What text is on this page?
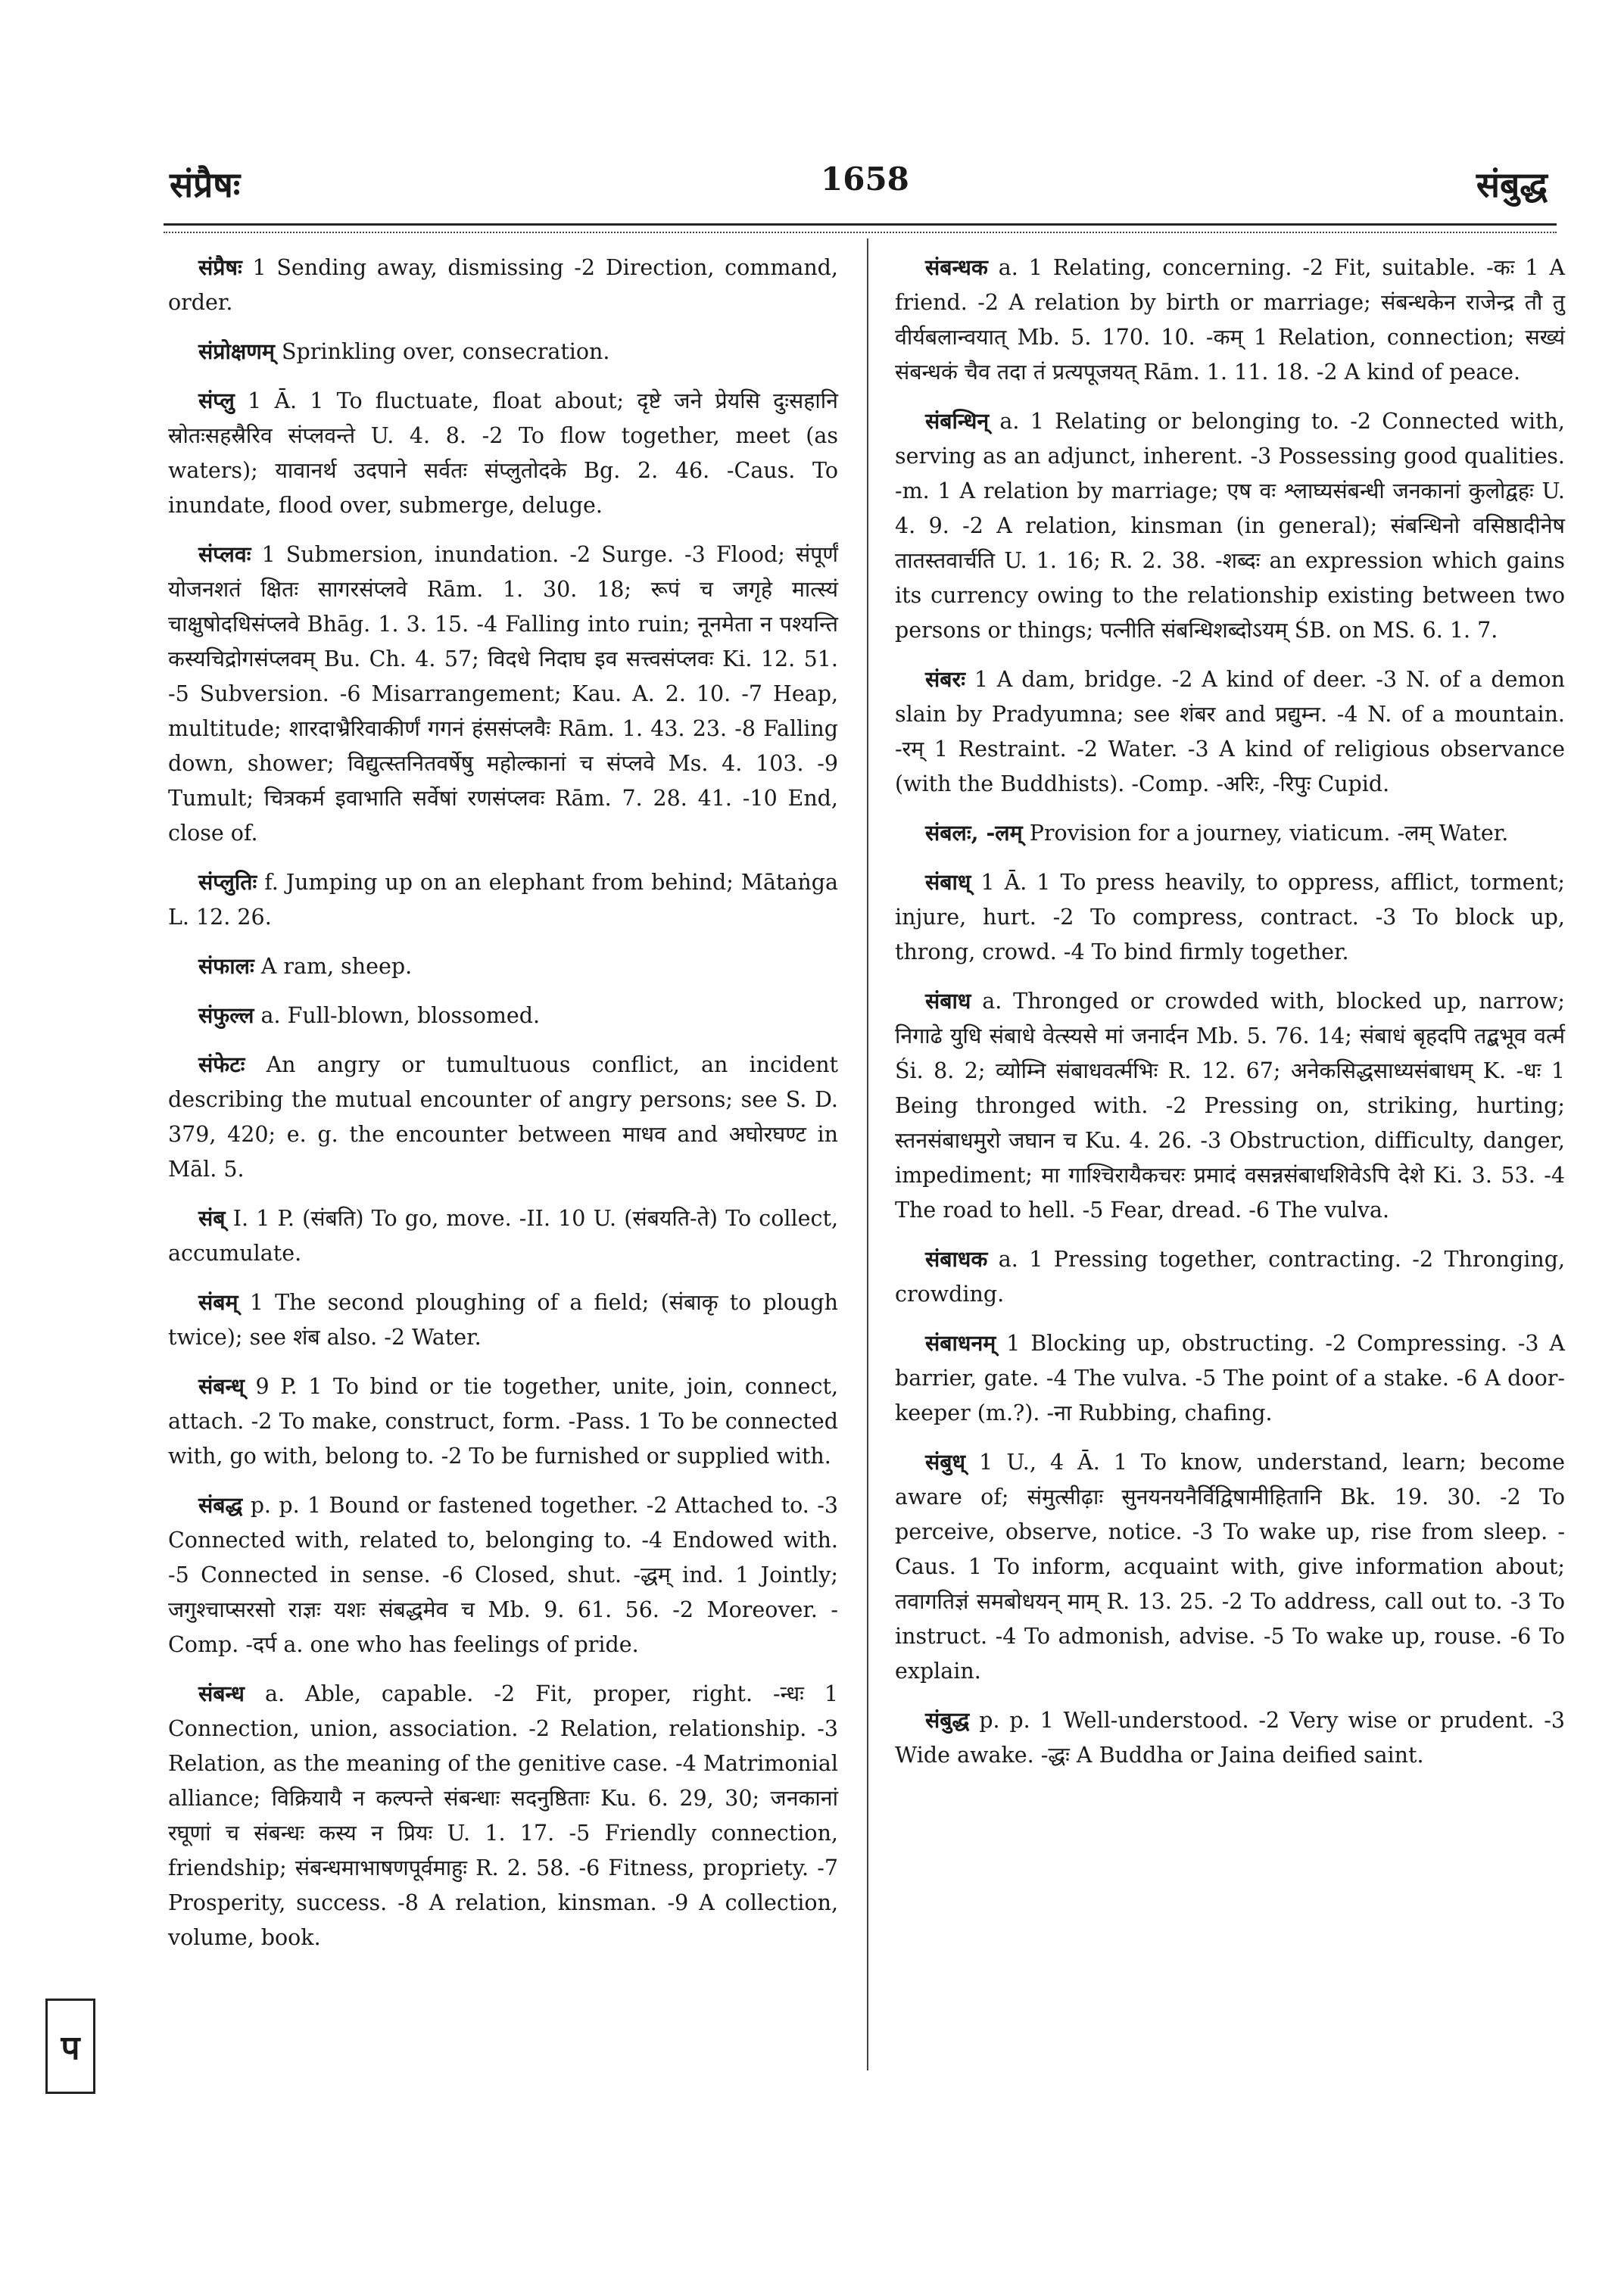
संप्रैषः	1658	संबुद्ध

संप्रैषः 1 Sending away, dismissing -2 Direction, command, order.

संप्रोक्षणम् Sprinkling over, consecration.

संप्लु 1 Ā. 1 To fluctuate, float about; दृष्टे जने प्रेयसि दुःसहानि स्रोतःसहस्रैरिव संप्लवन्ते U. 4. 8. -2 To flow together, meet (as waters); यावानर्थ उदपाने सर्वतः संप्लुतोदके Bg. 2. 46. -Caus. To inundate, flood over, submerge, deluge.

संप्लवः 1 Submersion, inundation. -2 Surge. -3 Flood; संपूर्णं योजनशतं क्षितः सागरसंप्लवे Rām. 1. 30. 18; रूपं च जगृहे मात्स्यं चाक्षुषोदधिसंप्लवे Bhāg. 1. 3. 15. -4 Falling into ruin; नूनमेता न पश्यन्ति कस्यचिद्रोगसंप्लवम् Bu. Ch. 4. 57; विदधे निदाघ इव सत्त्वसंप्लवः Ki. 12. 51. -5 Subversion. -6 Misarrangement; Kau. A. 2. 10. -7 Heap, multitude; शारदाभ्रैरिवाकीर्णं गगनं हंससंप्लवैः Rām. 1. 43. 23. -8 Falling down, shower; विद्युत्स्तनितवर्षेषु महोल्कानां च संप्लवे Ms. 4. 103. -9 Tumult; चित्रकर्म इवाभाति सर्वेषां रणसंप्लवः Rām. 7. 28. 41. -10 End, close of.

संप्लुतिः f. Jumping up on an elephant from behind; Mātaṅga L. 12. 26.

संफालः A ram, sheep.

संफुल्ल a. Full-blown, blossomed.

संफेटः An angry or tumultuous conflict, an incident describing the mutual encounter of angry persons; see S. D. 379, 420; e. g. the encounter between माधव and अघोरघण्ट in Māl. 5.

संब् I. 1 P. (संबति) To go, move. -II. 10 U. (संबयति-ते) To collect, accumulate.

संबम् 1 The second ploughing of a field; (संबाकृ to plough twice); see शंब also. -2 Water.

संबन्ध् 9 P. 1 To bind or tie together, unite, join, connect, attach. -2 To make, construct, form. -Pass. 1 To be connected with, go with, belong to. -2 To be furnished or supplied with.

संबद्ध p. p. 1 Bound or fastened together. -2 Attached to. -3 Connected with, related to, belonging to. -4 Endowed with. -5 Connected in sense. -6 Closed, shut. -द्धम् ind. 1 Jointly; जगुश्चाप्सरसो राज्ञः यशः संबद्धमेव च Mb. 9. 61. 56. -2 Moreover. -Comp. -दर्प a. one who has feelings of pride.

संबन्ध a. Able, capable. -2 Fit, proper, right. -न्धः 1 Connection, union, association. -2 Relation, relationship. -3 Relation, as the meaning of the genitive case. -4 Matrimonial alliance; विक्रियायै न कल्पन्ते संबन्धाः सदनुष्ठिताः Ku. 6. 29, 30; जनकानां रघूणां च संबन्धः कस्य न प्रियः U. 1. 17. -5 Friendly connection, friendship; संबन्धमाभाषणपूर्वमाहुः R. 2. 58. -6 Fitness, propriety. -7 Prosperity, success. -8 A relation, kinsman. -9 A collection, volume, book.

संबन्धक a. 1 Relating, concerning. -2 Fit, suitable. -कः 1 A friend. -2 A relation by birth or marriage; संबन्धकेन राजेन्द्र तौ तु वीर्यबलान्वयात् Mb. 5. 170. 10. -कम् 1 Relation, connection; सख्यं संबन्धकं चैव तदा तं प्रत्यपूजयत् Rām. 1. 11. 18. -2 A kind of peace.

संबन्धिन् a. 1 Relating or belonging to. -2 Connected with, serving as an adjunct, inherent. -3 Possessing good qualities. -m. 1 A relation by marriage; एष वः श्लाघ्यसंबन्धी जनकानां कुलोद्वहः U. 4. 9. -2 A relation, kinsman (in general); संबन्धिनो वसिष्ठादीनेष तातस्तवार्चति U. 1. 16; R. 2. 38. -शब्दः an expression which gains its currency owing to the relationship existing between two persons or things; पत्नीति संबन्धिशब्दोऽयम् ŚB. on MS. 6. 1. 7.

संबरः 1 A dam, bridge. -2 A kind of deer. -3 N. of a demon slain by Pradyumna; see शंबर and प्रद्युम्न. -4 N. of a mountain. -रम् 1 Restraint. -2 Water. -3 A kind of religious observance (with the Buddhists). -Comp. -अरिः, -रिपुः Cupid.

संबलः, -लम् Provision for a journey, viaticum. -लम् Water.

संबाध् 1 Ā. 1 To press heavily, to oppress, afflict, torment; injure, hurt. -2 To compress, contract. -3 To block up, throng, crowd. -4 To bind firmly together.

संबाध a. Thronged or crowded with, blocked up, narrow; निगाढे युधि संबाधे वेत्स्यसे मां जनार्दन Mb. 5. 76. 14; संबाधं बृहदपि तद्बभूव वर्त्म Śi. 8. 2; व्योम्नि संबाधवर्त्मभिः R. 12. 67; अनेकसिद्धसाध्यसंबाधम् K. -धः 1 Being thronged with. -2 Pressing on, striking, hurting; स्तनसंबाधमुरो जघान च Ku. 4. 26. -3 Obstruction, difficulty, danger, impediment; मा गाश्चिरायैकचरः प्रमादं वसन्नसंबाधशिवेऽपि देशे Ki. 3. 53. -4 The road to hell. -5 Fear, dread. -6 The vulva.

संबाधक a. 1 Pressing together, contracting. -2 Thronging, crowding.

संबाधनम् 1 Blocking up, obstructing. -2 Compressing. -3 A barrier, gate. -4 The vulva. -5 The point of a stake. -6 A door-keeper (m.?). -ना Rubbing, chafing.

संबुध् 1 U., 4 Ā. 1 To know, understand, learn; become aware of; संमुत्सीढ़ाः सुनयनयनैर्विद्विषामीहितानि Bk. 19. 30. -2 To perceive, observe, notice. -3 To wake up, rise from sleep. -Caus. 1 To inform, acquaint with, give information about; तवागतिज्ञं समबोधयन् माम् R. 13. 25. -2 To address, call out to. -3 To instruct. -4 To admonish, advise. -5 To wake up, rouse. -6 To explain.

संबुद्ध p. p. 1 Well-understood. -2 Very wise or prudent. -3 Wide awake. -द्धः A Buddha or Jaina deified saint.

प
